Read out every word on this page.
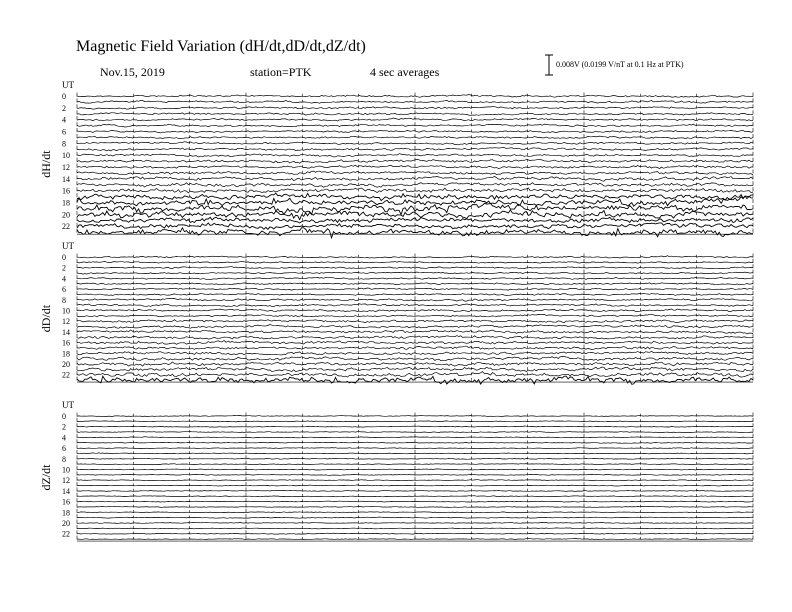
Magnetic Field Variation (dH/dt,dD/dt,dZ/dt)
Nov.15, 2019	station=PTK	4 sec averages
0.008V (0.0199 V/nT at 0.1 Hz at PTK)
UT
dH/dt
0
2
4
6
8
10
12
14
16
18
20
22
UT
dD/dt
0
2
4
6
8
10
12
14
16
18
20
22
UT
dZ/dt
0
2
4
6
8
10
12
14
16
18
20
22
